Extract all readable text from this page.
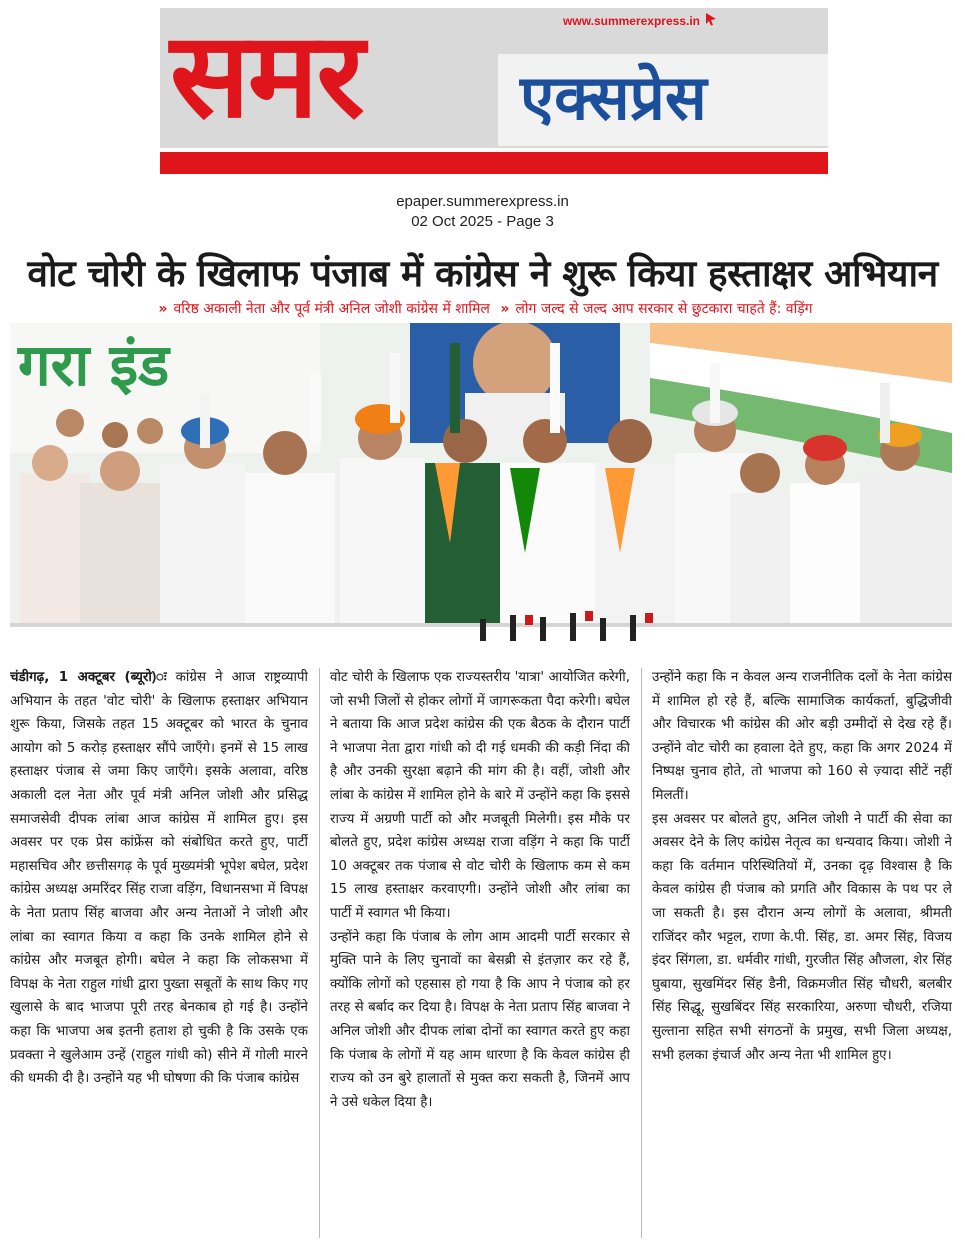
समर	एक्सप्रेस
www.summerexpress.in
epaper.summerexpress.in
02 Oct 2025 - Page 3
वोट चोरी के खिलाफ पंजाब में कांग्रेस ने शुरू किया हस्ताक्षर अभियान
» वरिष्ठ अकाली नेता और पूर्व मंत्री अनिल जोशी कांग्रेस में शामिल » लोग जल्द से जल्द आप सरकार से छुटकारा चाहते हैं: वड़िंग
गरा इंड

चंडीगढ़, 1 अक्टूबर (ब्यूरो)ः कांग्रेस ने आज राष्ट्रव्यापी अभियान के तहत 'वोट चोरी' के खिलाफ हस्ताक्षर अभियान शुरू किया, जिसके तहत 15 अक्टूबर को भारत के चुनाव आयोग को 5 करोड़ हस्ताक्षर सौंपे जाएँगे। इनमें से 15 लाख हस्ताक्षर पंजाब से जमा किए जाएँगे। इसके अलावा, वरिष्ठ अकाली दल नेता और पूर्व मंत्री अनिल जोशी और प्रसिद्ध समाजसेवी दीपक लांबा आज कांग्रेस में शामिल हुए। इस अवसर पर एक प्रेस कांफ्रेंस को संबोधित करते हुए, पार्टी महासचिव और छत्तीसगढ़ के पूर्व मुख्यमंत्री भूपेश बघेल, प्रदेश कांग्रेस अध्यक्ष अमरिंदर सिंह राजा वड़िंग, विधानसभा में विपक्ष के नेता प्रताप सिंह बाजवा और अन्य नेताओं ने जोशी और लांबा का स्वागत किया व कहा कि उनके शामिल होने से कांग्रेस और मजबूत होगी। बघेल ने कहा कि लोकसभा में विपक्ष के नेता राहुल गांधी द्वारा पुख्ता सबूतों के साथ किए गए खुलासे के बाद भाजपा पूरी तरह बेनकाब हो गई है। उन्होंने कहा कि भाजपा अब इतनी हताश हो चुकी है कि उसके एक प्रवक्ता ने खुलेआम उन्हें (राहुल गांधी को) सीने में गोली मारने की धमकी दी है। उन्होंने यह भी घोषणा की कि पंजाब कांग्रेस

वोट चोरी के खिलाफ एक राज्यस्तरीय 'यात्रा' आयोजित करेगी, जो सभी जिलों से होकर लोगों में जागरूकता पैदा करेगी। बघेल ने बताया कि आज प्रदेश कांग्रेस की एक बैठक के दौरान पार्टी ने भाजपा नेता द्वारा गांधी को दी गई धमकी की कड़ी निंदा की है और उनकी सुरक्षा बढ़ाने की मांग की है। वहीं, जोशी और लांबा के कांग्रेस में शामिल होने के बारे में उन्होंने कहा कि इससे राज्य में अग्रणी पार्टी को और मजबूती मिलेगी। इस मौके पर बोलते हुए, प्रदेश कांग्रेस अध्यक्ष राजा वड़िंग ने कहा कि पार्टी 10 अक्टूबर तक पंजाब से वोट चोरी के खिलाफ कम से कम 15 लाख हस्ताक्षर करवाएगी। उन्होंने जोशी और लांबा का पार्टी में स्वागत भी किया।

उन्होंने कहा कि पंजाब के लोग आम आदमी पार्टी सरकार से मुक्ति पाने के लिए चुनावों का बेसब्री से इंतज़ार कर रहे हैं, क्योंकि लोगों को एहसास हो गया है कि आप ने पंजाब को हर तरह से बर्बाद कर दिया है। विपक्ष के नेता प्रताप सिंह बाजवा ने अनिल जोशी और दीपक लांबा दोनों का स्वागत करते हुए कहा कि पंजाब के लोगों में यह आम धारणा है कि केवल कांग्रेस ही राज्य को उन बुरे हालातों से मुक्त करा सकती है, जिनमें आप ने उसे धकेल दिया है।

उन्होंने कहा कि न केवल अन्य राजनीतिक दलों के नेता कांग्रेस में शामिल हो रहे हैं, बल्कि सामाजिक कार्यकर्ता, बुद्धिजीवी और विचारक भी कांग्रेस की ओर बड़ी उम्मीदों से देख रहे हैं। उन्होंने वोट चोरी का हवाला देते हुए, कहा कि अगर 2024 में निष्पक्ष चुनाव होते, तो भाजपा को 160 से ज़्यादा सीटें नहीं मिलतीं।

इस अवसर पर बोलते हुए, अनिल जोशी ने पार्टी की सेवा का अवसर देने के लिए कांग्रेस नेतृत्व का धन्यवाद किया। जोशी ने कहा कि वर्तमान परिस्थितियों में, उनका दृढ़ विश्वास है कि केवल कांग्रेस ही पंजाब को प्रगति और विकास के पथ पर ले जा सकती है। इस दौरान अन्य लोगों के अलावा, श्रीमती राजिंदर कौर भट्टल, राणा के.पी. सिंह, डा. अमर सिंह, विजय इंदर सिंगला, डा. धर्मवीर गांधी, गुरजीत सिंह औजला, शेर सिंह घुबाया, सुखमिंदर सिंह डैनी, विक्रमजीत सिंह चौधरी, बलबीर सिंह सिद्धू, सुखबिंदर सिंह सरकारिया, अरुणा चौधरी, रजिया सुल्ताना सहित सभी संगठनों के प्रमुख, सभी जिला अध्यक्ष, सभी हलका इंचार्ज और अन्य नेता भी शामिल हुए।
